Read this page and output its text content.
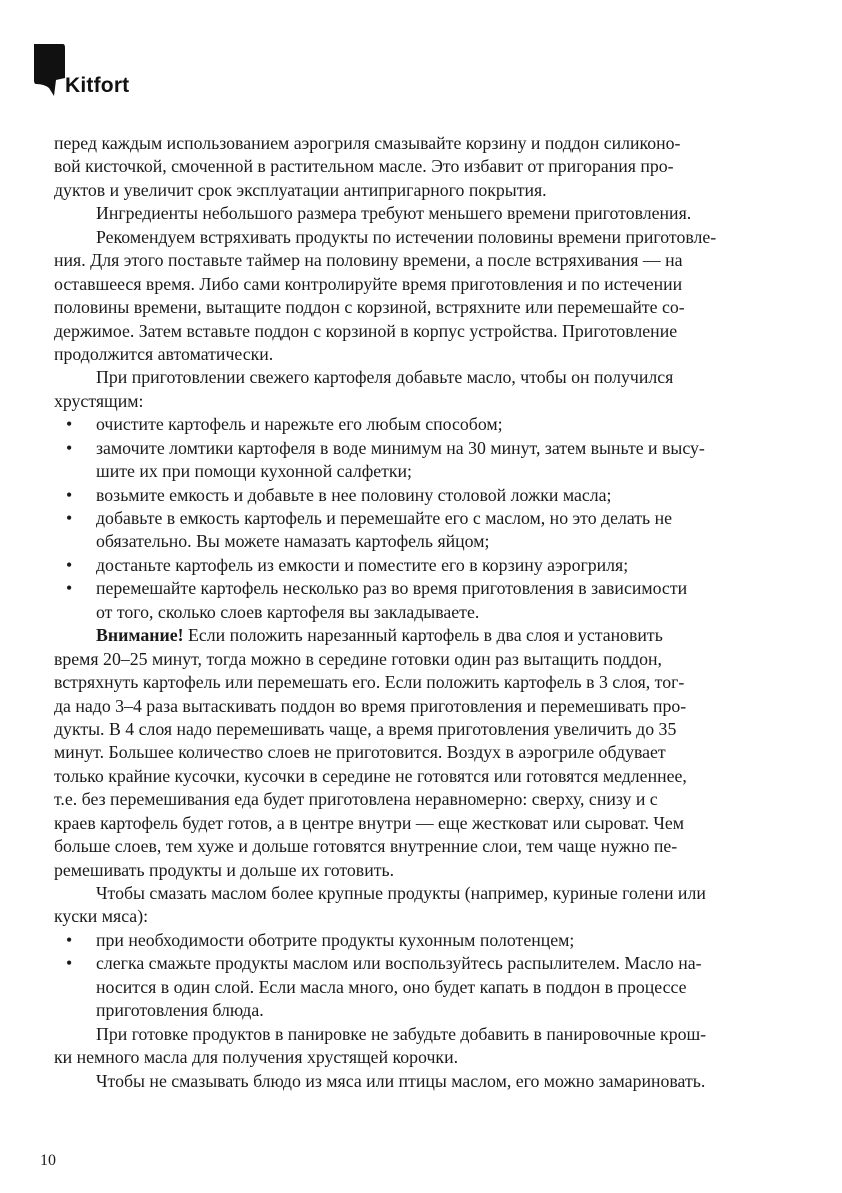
Kitfort
перед каждым использованием аэрогриля смазывайте корзину и поддон силиконо-
вой кисточкой, смоченной в растительном масле. Это избавит от пригорания про-
дуктов и увеличит срок эксплуатации антипригарного покрытия.
Ингредиенты небольшого размера требуют меньшего времени приготовления.
Рекомендуем встряхивать продукты по истечении половины времени приготовле-
ния. Для этого поставьте таймер на половину времени, а после встряхивания — на
оставшееся время. Либо сами контролируйте время приготовления и по истечении
половины времени, вытащите поддон с корзиной, встряхните или перемешайте со-
держимое. Затем вставьте поддон с корзиной в корпус устройства. Приготовление
продолжится автоматически.
При приготовлении свежего картофеля добавьте масло, чтобы он получился
хрустящим:
• очистите картофель и нарежьте его любым способом;
• замочите ломтики картофеля в воде минимум на 30 минут, затем выньте и высу-
шите их при помощи кухонной салфетки;
• возьмите емкость и добавьте в нее половину столовой ложки масла;
• добавьте в емкость картофель и перемешайте его с маслом, но это делать не
обязательно. Вы можете намазать картофель яйцом;
• достаньте картофель из емкости и поместите его в корзину аэрогриля;
• перемешайте картофель несколько раз во время приготовления в зависимости
от того, сколько слоев картофеля вы закладываете.
Внимание! Если положить нарезанный картофель в два слоя и установить
время 20–25 минут, тогда можно в середине готовки один раз вытащить поддон,
встряхнуть картофель или перемешать его. Если положить картофель в 3 слоя, тог-
да надо 3–4 раза вытаскивать поддон во время приготовления и перемешивать про-
дукты. В 4 слоя надо перемешивать чаще, а время приготовления увеличить до 35
минут. Большее количество слоев не приготовится. Воздух в аэрогриле обдувает
только крайние кусочки, кусочки в середине не готовятся или готовятся медленнее,
т.е. без перемешивания еда будет приготовлена неравномерно: сверху, снизу и с
краев картофель будет готов, а в центре внутри — еще жестковат или сыроват. Чем
больше слоев, тем хуже и дольше готовятся внутренние слои, тем чаще нужно пе-
ремешивать продукты и дольше их готовить.
Чтобы смазать маслом более крупные продукты (например, куриные голени или
куски мяса):
• при необходимости оботрите продукты кухонным полотенцем;
• слегка смажьте продукты маслом или воспользуйтесь распылителем. Масло на-
носится в один слой. Если масла много, оно будет капать в поддон в процессе
приготовления блюда.
При готовке продуктов в панировке не забудьте добавить в панировочные крош-
ки немного масла для получения хрустящей корочки.
Чтобы не смазывать блюдо из мяса или птицы маслом, его можно замариновать.
10
